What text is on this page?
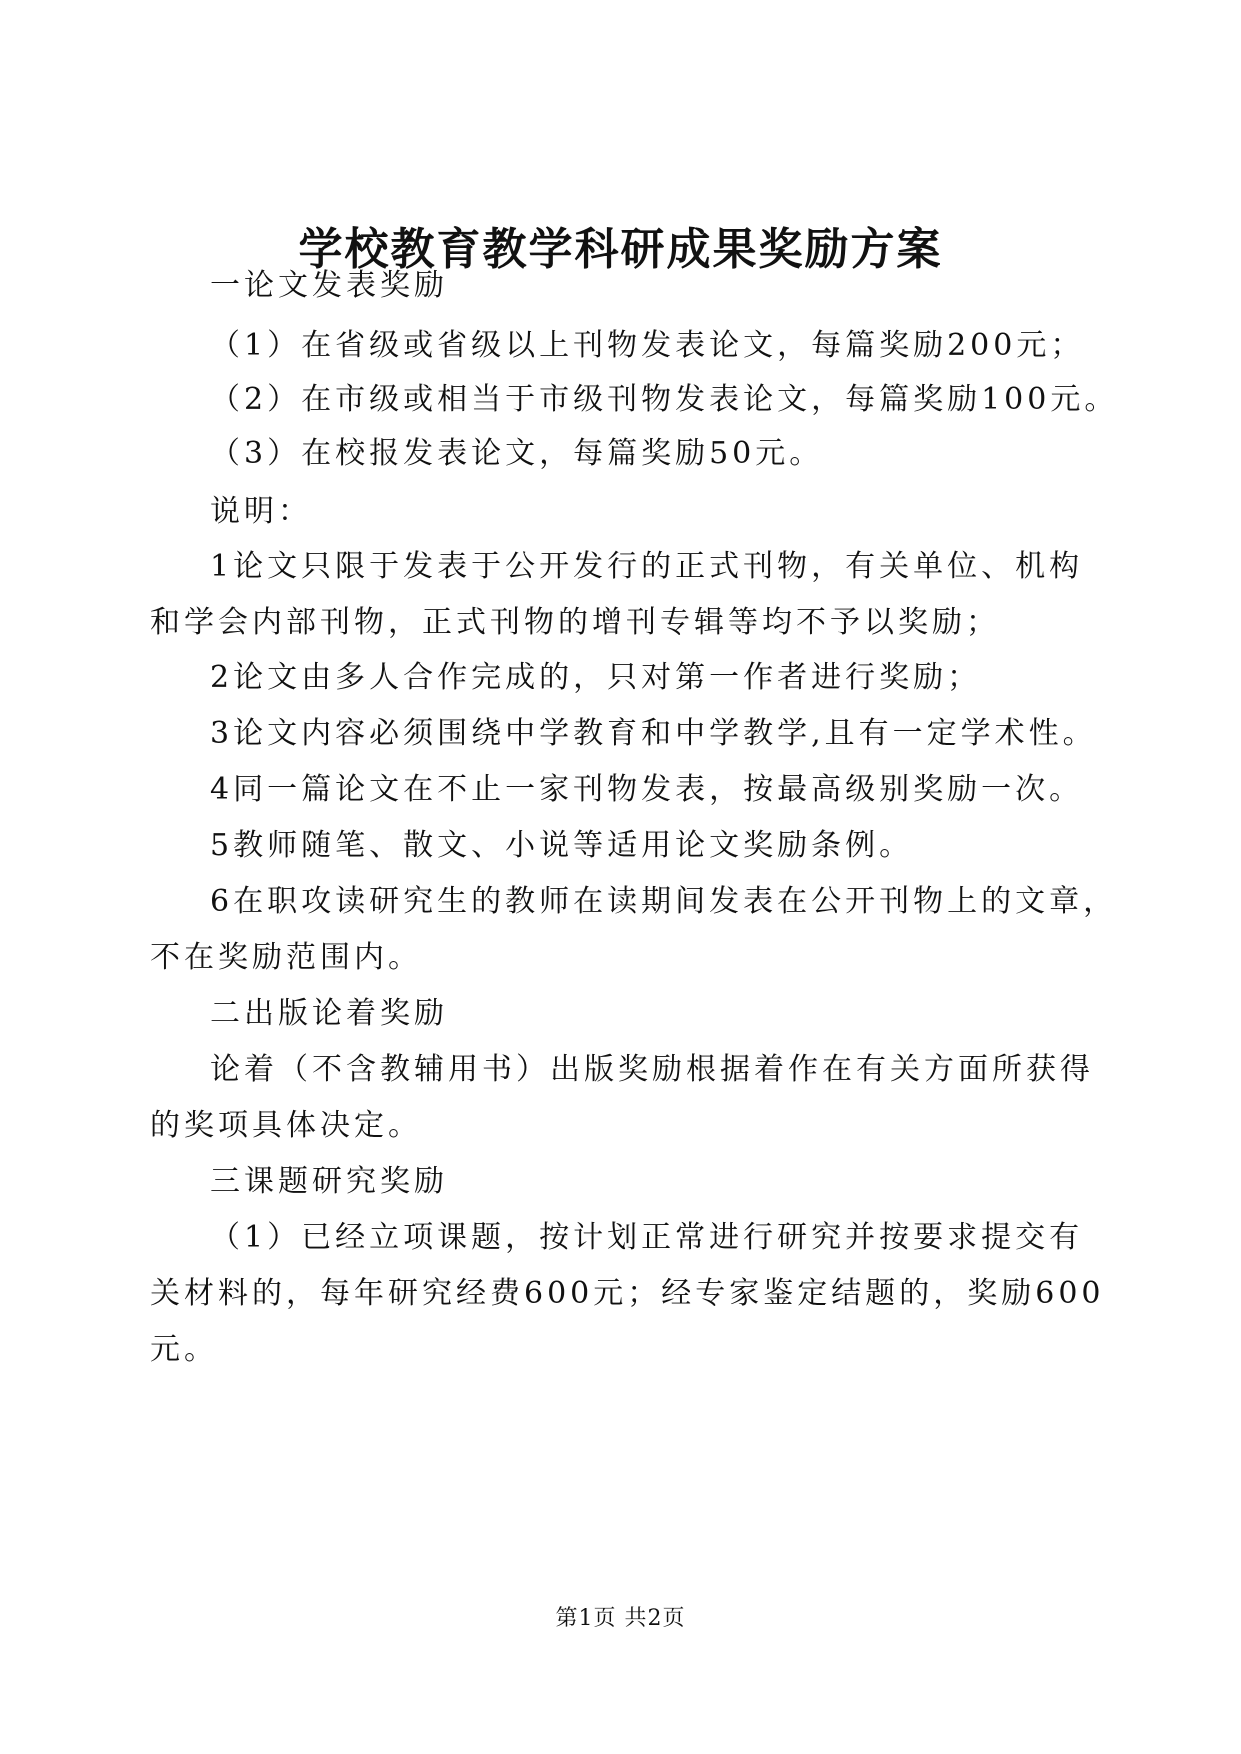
学校教育教学科研成果奖励方案
一论文发表奖励
（1）在省级或省级以上刊物发表论文，每篇奖励200元；
（2）在市级或相当于市级刊物发表论文，每篇奖励100元。
（3）在校报发表论文，每篇奖励50元。
说明：
1论文只限于发表于公开发行的正式刊物，有关单位、机构
和学会内部刊物，正式刊物的增刊专辑等均不予以奖励；
2论文由多人合作完成的，只对第一作者进行奖励；
3论文内容必须围绕中学教育和中学教学,且有一定学术性。
4同一篇论文在不止一家刊物发表，按最高级别奖励一次。
5教师随笔、散文、小说等适用论文奖励条例。
6在职攻读研究生的教师在读期间发表在公开刊物上的文章，
不在奖励范围内。
二出版论着奖励
论着（不含教辅用书）出版奖励根据着作在有关方面所获得
的奖项具体决定。
三课题研究奖励
（1）已经立项课题，按计划正常进行研究并按要求提交有
关材料的，每年研究经费600元；经专家鉴定结题的，奖励600
元。
第1页 共2页
